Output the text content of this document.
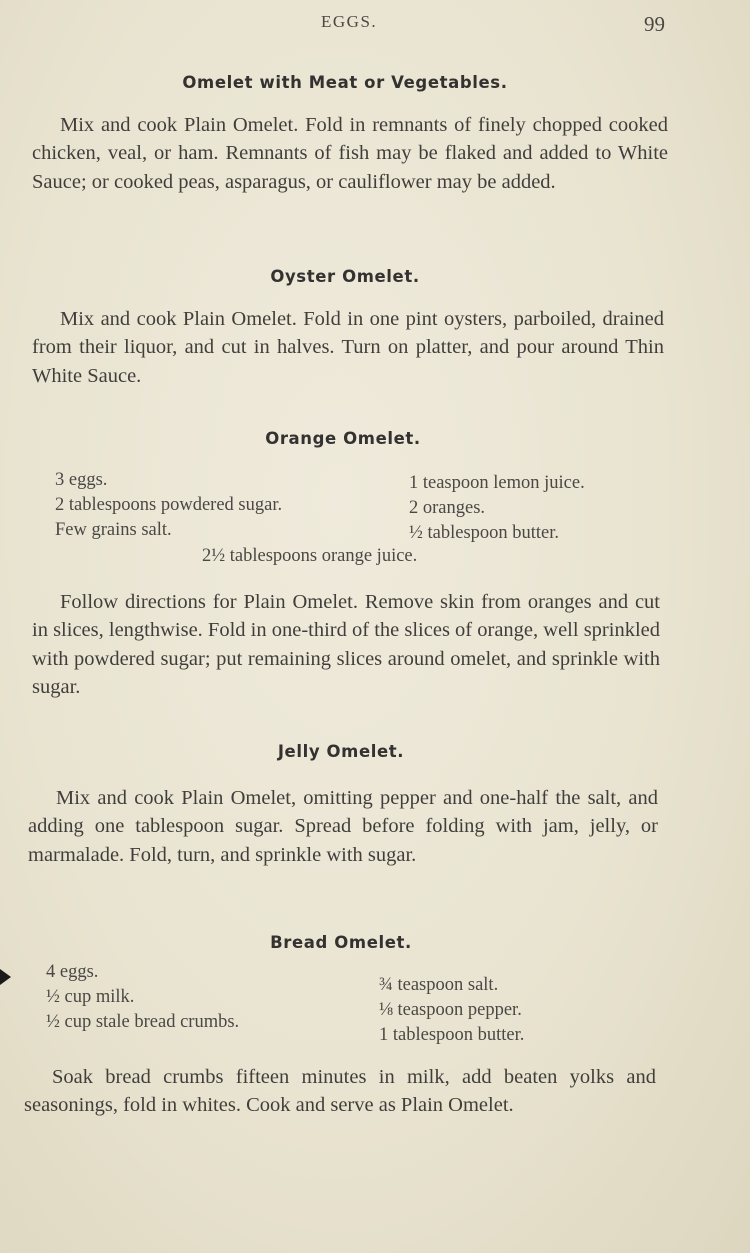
EGGS.	99
Omelet with Meat or Vegetables.

Mix and cook Plain Omelet. Fold in remnants of finely chopped cooked chicken, veal, or ham. Remnants of fish may be flaked and added to White Sauce; or cooked peas, asparagus, or cauliflower may be added.

Oyster Omelet.

Mix and cook Plain Omelet. Fold in one pint oysters, parboiled, drained from their liquor, and cut in halves. Turn on platter, and pour around Thin White Sauce.

Orange Omelet.
3 eggs.
2 tablespoons powdered sugar.
Few grains salt.
1 teaspoon lemon juice.
2 oranges.
½ tablespoon butter.
2½ tablespoons orange juice.

Follow directions for Plain Omelet. Remove skin from oranges and cut in slices, lengthwise. Fold in one-third of the slices of orange, well sprinkled with powdered sugar; put remaining slices around omelet, and sprinkle with sugar.

Jelly Omelet.

Mix and cook Plain Omelet, omitting pepper and one-half the salt, and adding one tablespoon sugar. Spread before folding with jam, jelly, or marmalade. Fold, turn, and sprinkle with sugar.

Bread Omelet.
4 eggs.
½ cup milk.
½ cup stale bread crumbs.
¾ teaspoon salt.
⅛ teaspoon pepper.
1 tablespoon butter.

Soak bread crumbs fifteen minutes in milk, add beaten yolks and seasonings, fold in whites. Cook and serve as Plain Omelet.
